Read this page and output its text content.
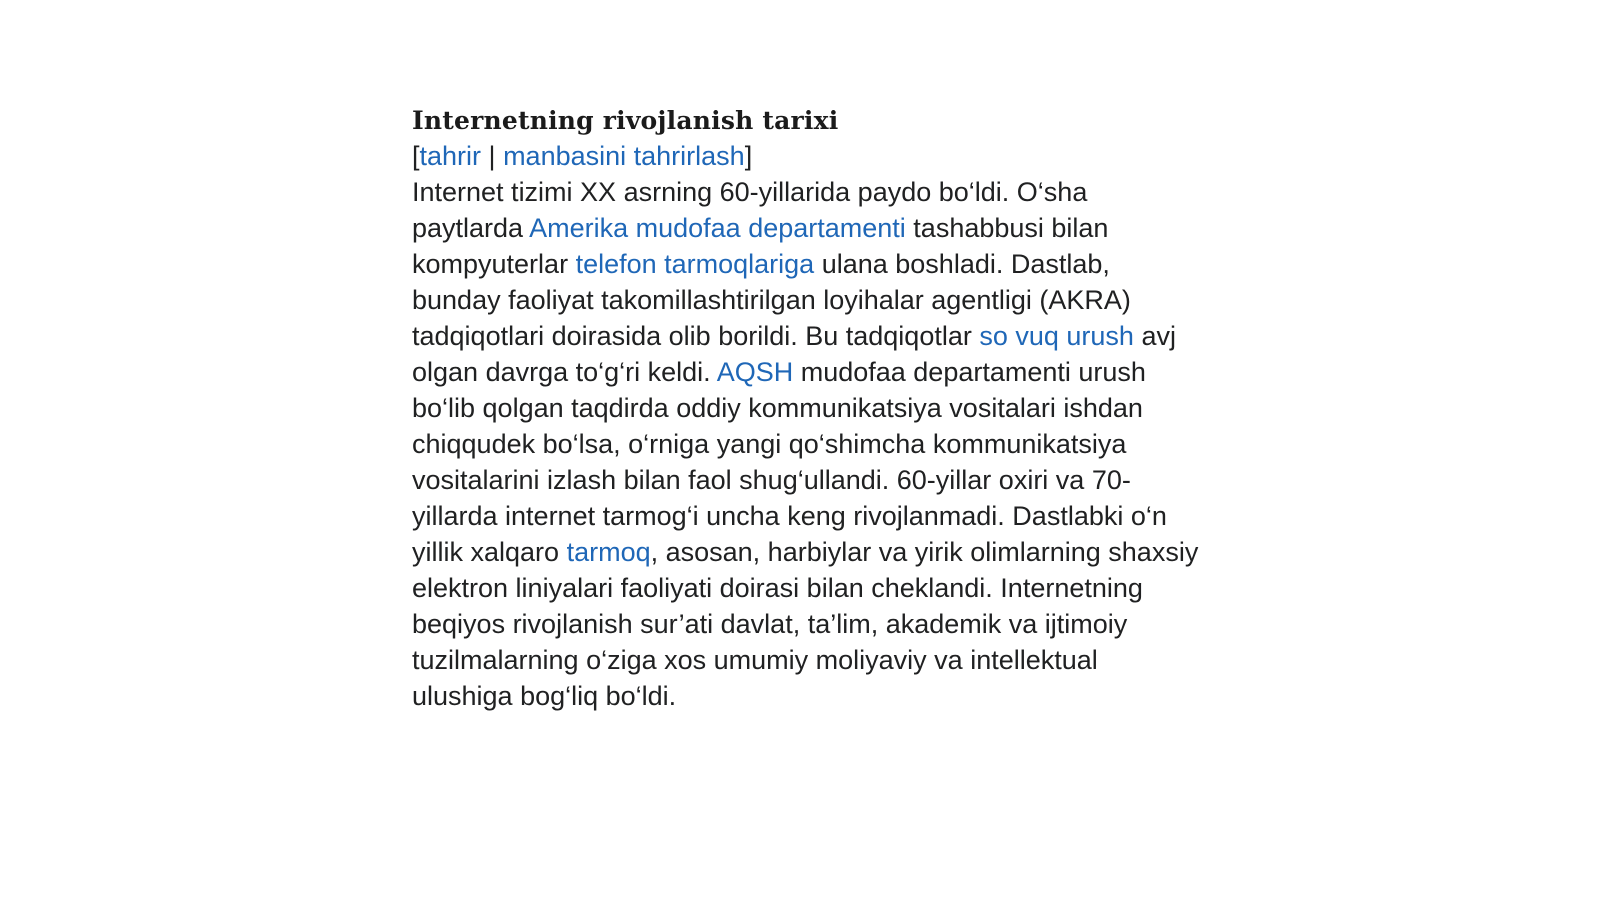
Internetning rivojlanish tarixi
[tahrir | manbasini tahrirlash]

Internet tizimi XX asrning 60-yillarida paydo bo‘ldi. O‘sha paytlarda Amerika mudofaa departamenti tashabbusi bilan kompyuterlar telefon tarmoqlariga ulana boshladi. Dastlab, bunday faoliyat takomillashtirilgan loyihalar agentligi (AKRA) tadqiqotlari doirasida olib borildi. Bu tadqiqotlar so vuq urush avj olgan davrga to‘g‘ri keldi. AQSH mudofaa departamenti urush bo‘lib qolgan taqdirda oddiy kommunikatsiya vositalari ishdan chiqqudek bo‘lsa, o‘rniga yangi qo‘shimcha kommunikatsiya vositalarini izlash bilan faol shug‘ullandi. 60-yillar oxiri va 70-yillarda internet tarmog‘i uncha keng rivojlanmadi. Dastlabki o‘n yillik xalqaro tarmoq, asosan, harbiylar va yirik olimlarning shaxsiy elektron liniyalari faoliyati doirasi bilan cheklandi. Internetning beqiyos rivojlanish sur’ati davlat, ta’lim, akademik va ijtimoiy tuzilmalarning o‘ziga xos umumiy moliyaviy va intellektual ulushiga bog‘liq bo‘ldi.
